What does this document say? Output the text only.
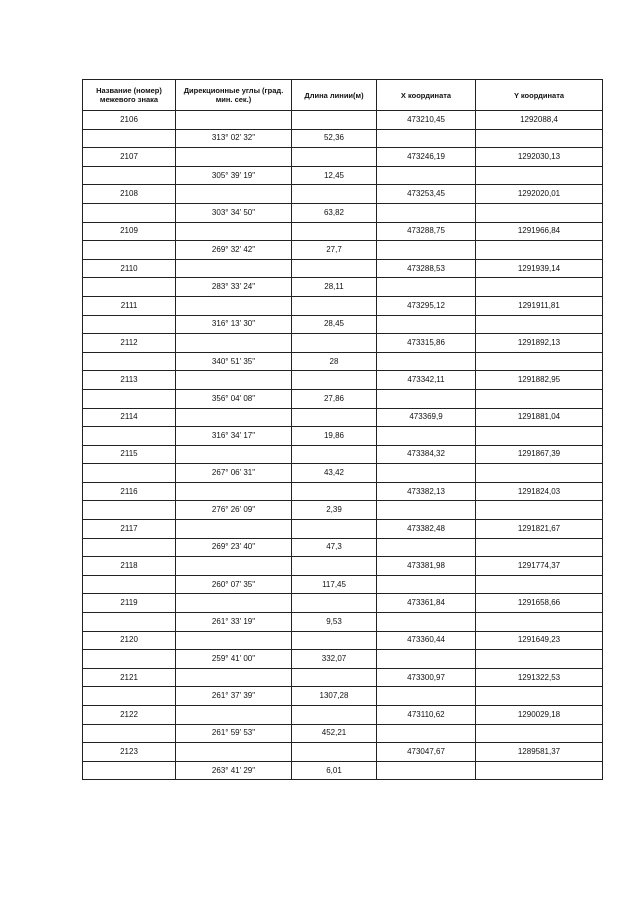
Название (номер) межевого знака	Дирекционные углы (град. мин. сек.)	Длина линии(м)	X координата	Y координата
2106			473210,45	1292088,4
	313° 02' 32"	52,36		
2107			473246,19	1292030,13
	305° 39' 19"	12,45		
2108			473253,45	1292020,01
	303° 34' 50"	63,82		
2109			473288,75	1291966,84
	269° 32' 42"	27,7		
2110			473288,53	1291939,14
	283° 33' 24"	28,11		
2111			473295,12	1291911,81
	316° 13' 30"	28,45		
2112			473315,86	1291892,13
	340° 51' 35"	28		
2113			473342,11	1291882,95
	356° 04' 08"	27,86		
2114			473369,9	1291881,04
	316° 34' 17"	19,86		
2115			473384,32	1291867,39
	267° 06' 31"	43,42		
2116			473382,13	1291824,03
	276° 26' 09"	2,39		
2117			473382,48	1291821,67
	269° 23' 40"	47,3		
2118			473381,98	1291774,37
	260° 07' 35"	117,45		
2119			473361,84	1291658,66
	261° 33' 19"	9,53		
2120			473360,44	1291649,23
	259° 41' 00"	332,07		
2121			473300,97	1291322,53
	261° 37' 39"	1307,28		
2122			473110,62	1290029,18
	261° 59' 53"	452,21		
2123			473047,67	1289581,37
	263° 41' 29"	6,01		
